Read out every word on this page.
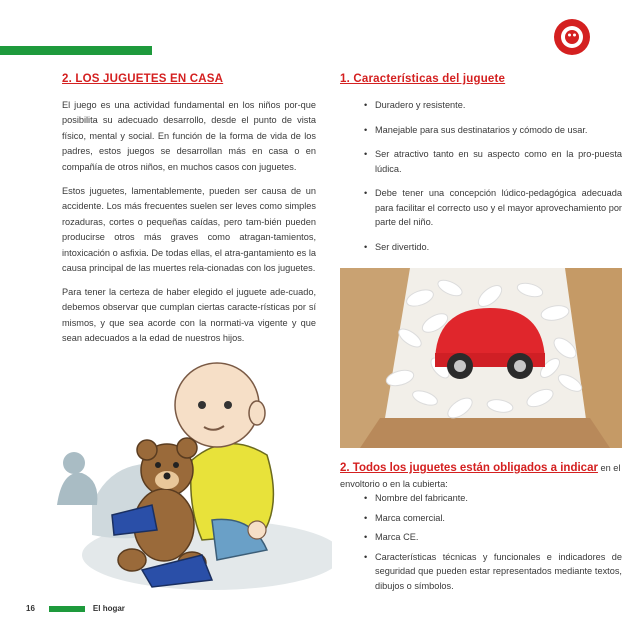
2. LOS JUGUETES EN CASA
El juego es una actividad fundamental en los niños por-que posibilita su adecuado desarrollo, desde el punto de vista físico, mental y social. En función de la forma de vida de los padres, estos juegos se desarrollan más en casa o en compañía de otros niños, en muchos casos con juguetes.
Estos juguetes, lamentablemente, pueden ser causa de un accidente. Los más frecuentes suelen ser leves como simples rozaduras, cortes o pequeñas caídas, pero tam-bién pueden producirse otros más graves como atragan-tamientos, intoxicación o asfixia. De todas ellas, el atra-gantamiento es la causa principal de las muertes rela-cionadas con los juguetes.
Para tener la certeza de haber elegido el juguete ade-cuado, debemos observar que cumplan ciertas caracte-rísticas por sí mismos, y que sea acorde con la normati-va vigente y que sean adecuados a la edad de nuestros hijos.
1. Características del juguete
• Duradero y resistente.
• Manejable para sus destinatarios y cómodo de usar.
• Ser atractivo tanto en su aspecto como en la pro-puesta lúdica.
• Debe tener una concepción lúdico-pedagógica adecuada para facilitar el correcto uso y el mayor aprovechamiento por parte del niño.
• Ser divertido.
2. Todos los juguetes están obligados a indicar en el envoltorio o en la cubierta:
• Nombre del fabricante.
• Marca comercial.
• Marca CE.
• Características técnicas y funcionales e indicadores de seguridad que pueden estar representados mediante textos, dibujos o símbolos.
16	El hogar
